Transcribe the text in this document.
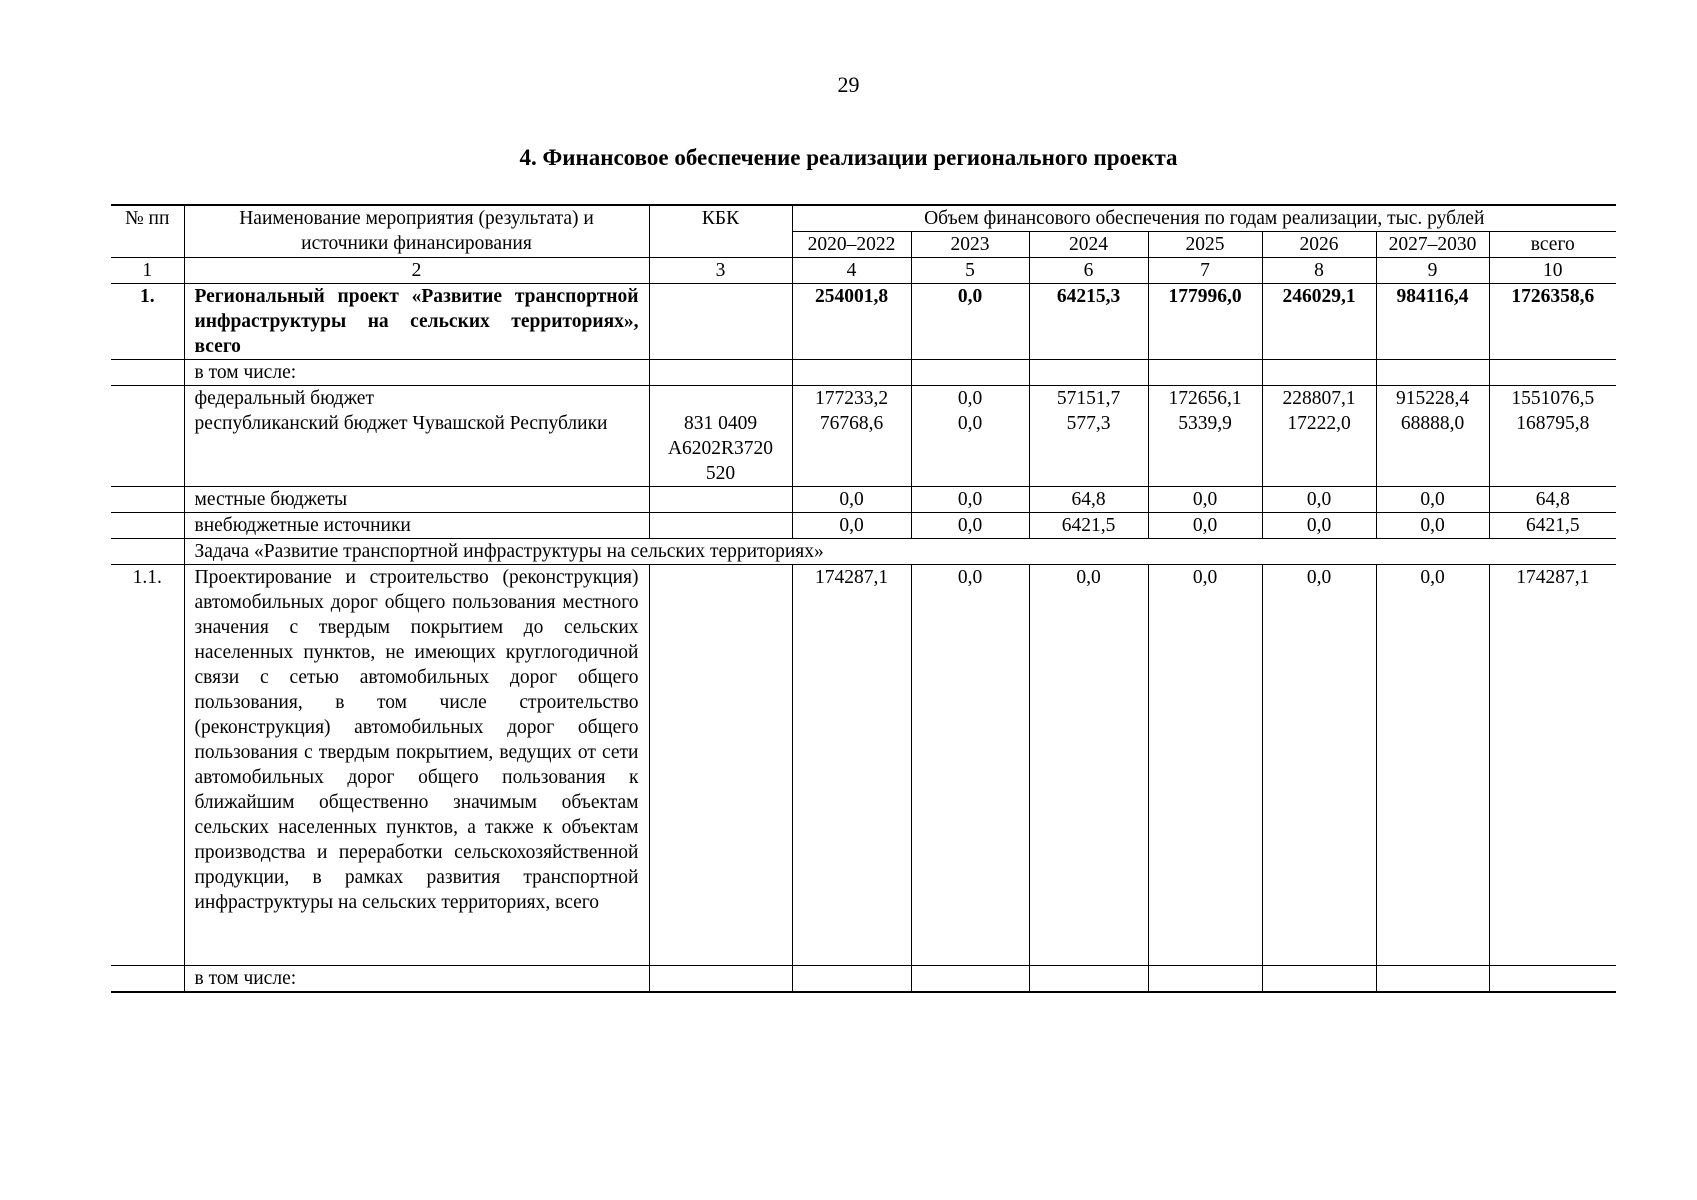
29
4. Финансовое обеспечение реализации регионального проекта
№ пп	Наименование мероприятия (результата) и источники финансирования	КБК	Объем финансового обеспечения по годам реализации, тыс. рублей						
			2020–2022	2023	2024	2025	2026	2027–2030	всего
1	2	3	4	5	6	7	8	9	10
1.	Региональный проект «Развитие транспортной инфраструктуры на сельских территориях», всего		254001,8	0,0	64215,3	177996,0	246029,1	984116,4	1726358,6
	в том числе:								
	федеральный бюджет		177233,2	0,0	57151,7	172656,1	228807,1	915228,4	1551076,5
	республиканский бюджет Чувашской Республики	831 0409 А6202R3720 520	76768,6	0,0	577,3	5339,9	17222,0	68888,0	168795,8
	местные бюджеты		0,0	0,0	64,8	0,0	0,0	0,0	64,8
	внебюджетные источники		0,0	0,0	6421,5	0,0	0,0	0,0	6421,5
	Задача «Развитие транспортной инфраструктуры на сельских территориях»								
1.1.	Проектирование и строительство (реконструкция) автомобильных дорог общего пользования местного значения с твердым покрытием до сельских населенных пунктов, не имеющих круглогодичной связи с сетью автомобильных дорог общего пользования, в том числе строительство (реконструкция) автомобильных дорог общего пользования с твердым покрытием, ведущих от сети автомобильных дорог общего пользования к ближайшим общественно значимым объектам сельских населенных пунктов, а также к объектам производства и переработки сельскохозяйственной продукции, в рамках развития транспортной инфраструктуры на сельских территориях, всего		174287,1	0,0	0,0	0,0	0,0	0,0	174287,1
	в том числе:								
